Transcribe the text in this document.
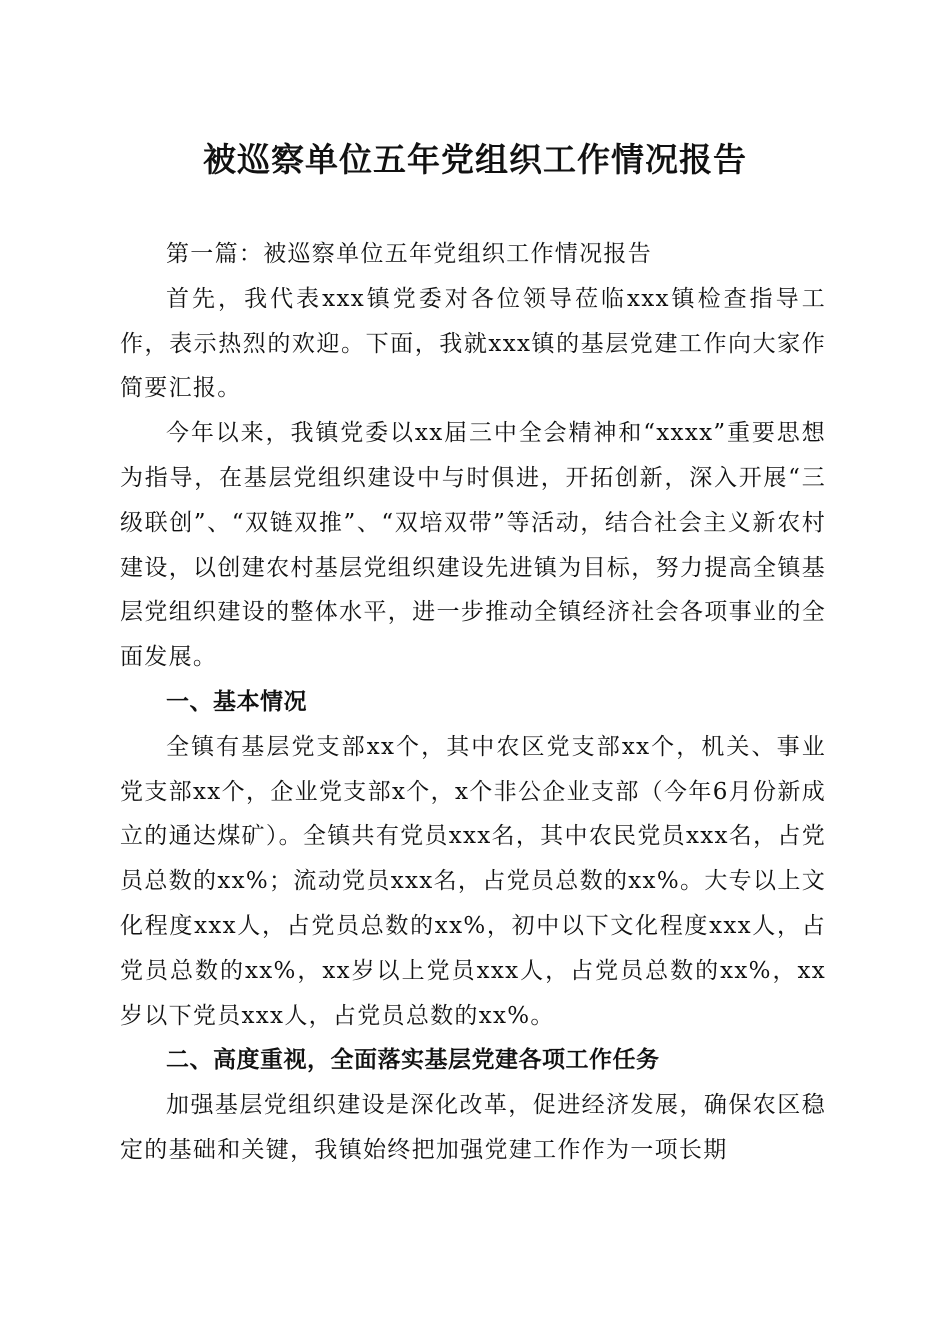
被巡察单位五年党组织工作情况报告

第一篇：被巡察单位五年党组织工作情况报告

首先，我代表xxx镇党委对各位领导莅临xxx镇检查指导工作，表示热烈的欢迎。下面，我就xxx镇的基层党建工作向大家作简要汇报。

今年以来，我镇党委以xx届三中全会精神和“xxxx”重要思想为指导，在基层党组织建设中与时俱进，开拓创新，深入开展“三级联创”、“双链双推”、“双培双带”等活动，结合社会主义新农村建设，以创建农村基层党组织建设先进镇为目标，努力提高全镇基层党组织建设的整体水平，进一步推动全镇经济社会各项事业的全面发展。

一、基本情况

全镇有基层党支部xx个，其中农区党支部xx个，机关、事业党支部xx个，企业党支部x个，x个非公企业支部（今年6月份新成立的通达煤矿）。全镇共有党员xxx名，其中农民党员xxx名，占党员总数的xx%；流动党员xxx名，占党员总数的xx%。大专以上文化程度xxx人，占党员总数的xx%，初中以下文化程度xxx人，占党员总数的xx%，xx岁以上党员xxx人，占党员总数的xx%，xx岁以下党员xxx人，占党员总数的xx%。

二、高度重视，全面落实基层党建各项工作任务

加强基层党组织建设是深化改革，促进经济发展，确保农区稳定的基础和关键，我镇始终把加强党建工作作为一项长期
